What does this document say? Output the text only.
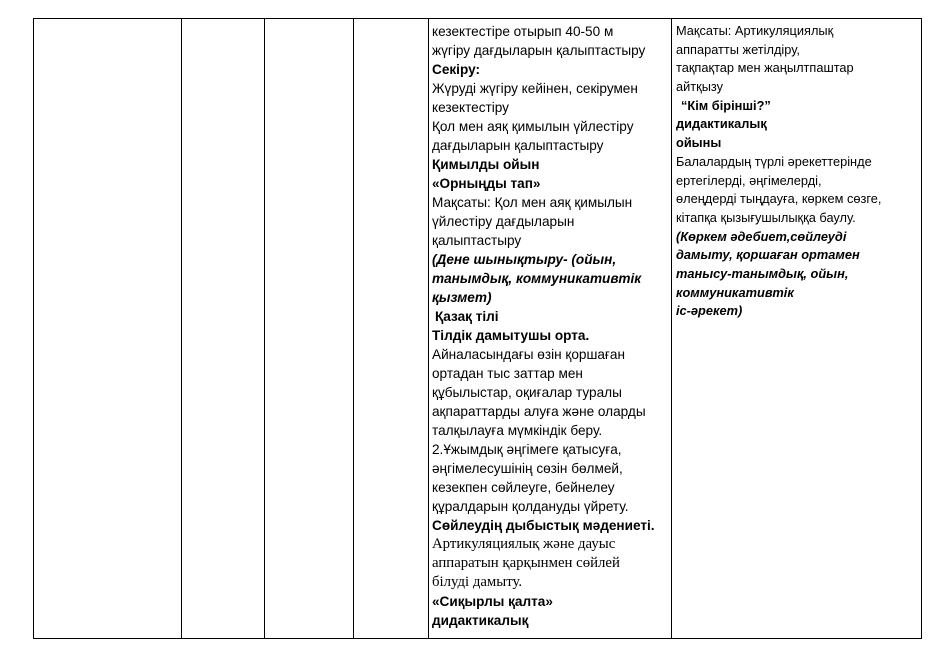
кезектестіре отырып 40-50 м
жүгіру дағдыларын қалыптастыру
Секіру:
Жүруді жүгіру кейінен, секірумен
кезектестіру
Қол мен аяқ қимылын үйлестіру
дағдыларын қалыптастыру
Қимылды ойын
«Орныңды тап»
Мақсаты: Қол мен аяқ қимылын
үйлестіру дағдыларын
қалыптастыру
(Дене шынықтыру- (ойын,
танымдық, коммуникативтік
қызмет)
Қазақ тілі
Тілдік дамытушы орта.
Айналасындағы өзін қоршаған
ортадан тыс заттар мен
құбылыстар, оқиғалар туралы
ақпараттарды алуға және оларды
талқылауға мүмкіндік беру.
2.Ұжымдық әңгімеге қатысуға,
әңгімелесушінің сөзін бөлмей,
кезекпен сөйлеуге, бейнелеу
құралдарын қолдануды үйрету.
Сөйлеудің дыбыстық мәдениеті.
Артикуляциялық және дауыс
аппаратын қарқынмен сөйлей
білуді дамыту.
«Сиқырлы қалта»
дидактикалық
Мақсаты: Артикуляциялық
аппаратты жетілдіру,
тақпақтар мен жаңылтпаштар
айтқызу
“Кім бірінші?”
дидактикалық
ойыны
Балалардың түрлі әрекеттерінде
ертегілерді, әңгімелерді,
өлеңдерді тыңдауға, көркем сөзге,
кітапқа қызығушылыққа баулу.
(Көркем әдебиет,сөйлеуді
дамыту, қоршаған ортамен
танысу-танымдық, ойын,
коммуникативтік
іс-әрекет)
